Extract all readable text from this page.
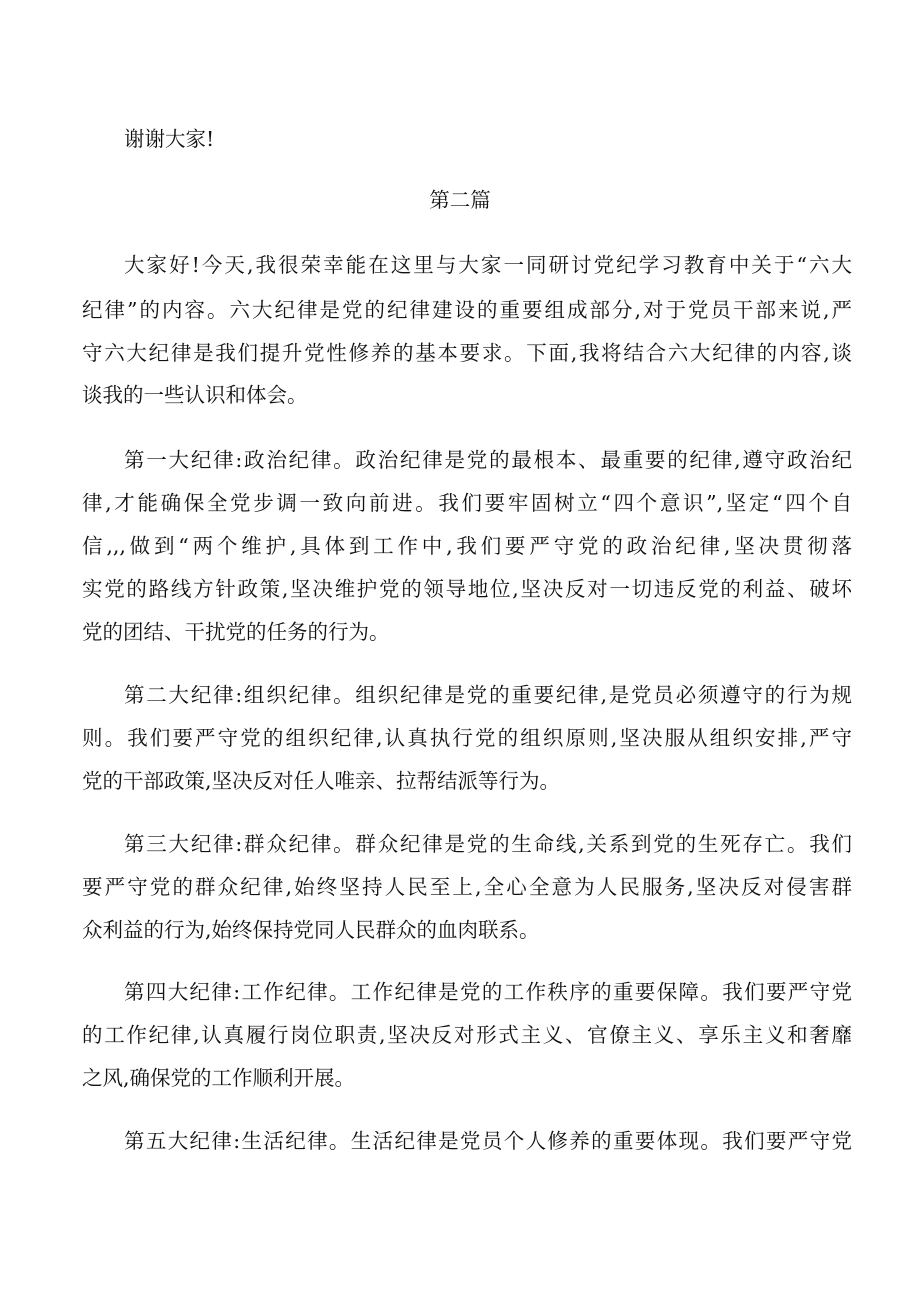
谢谢大家!
第二篇
大家好!今天,我很荣幸能在这里与大家一同研讨党纪学习教育中关于“六大
纪律”的内容。六大纪律是党的纪律建设的重要组成部分,对于党员干部来说,严
守六大纪律是我们提升党性修养的基本要求。下面,我将结合六大纪律的内容,谈
谈我的一些认识和体会。
第一大纪律:政治纪律。政治纪律是党的最根本、最重要的纪律,遵守政治纪
律,才能确保全党步调一致向前进。我们要牢固树立“四个意识”,坚定“四个自
信,,,做到“两个维护,具体到工作中,我们要严守党的政治纪律,坚决贯彻落
实党的路线方针政策,坚决维护党的领导地位,坚决反对一切违反党的利益、破坏
党的团结、干扰党的任务的行为。
第二大纪律:组织纪律。组织纪律是党的重要纪律,是党员必须遵守的行为规
则。我们要严守党的组织纪律,认真执行党的组织原则,坚决服从组织安排,严守
党的干部政策,坚决反对任人唯亲、拉帮结派等行为。
第三大纪律:群众纪律。群众纪律是党的生命线,关系到党的生死存亡。我们
要严守党的群众纪律,始终坚持人民至上,全心全意为人民服务,坚决反对侵害群
众利益的行为,始终保持党同人民群众的血肉联系。
第四大纪律:工作纪律。工作纪律是党的工作秩序的重要保障。我们要严守党
的工作纪律,认真履行岗位职责,坚决反对形式主义、官僚主义、享乐主义和奢靡
之风,确保党的工作顺利开展。
第五大纪律:生活纪律。生活纪律是党员个人修养的重要体现。我们要严守党
